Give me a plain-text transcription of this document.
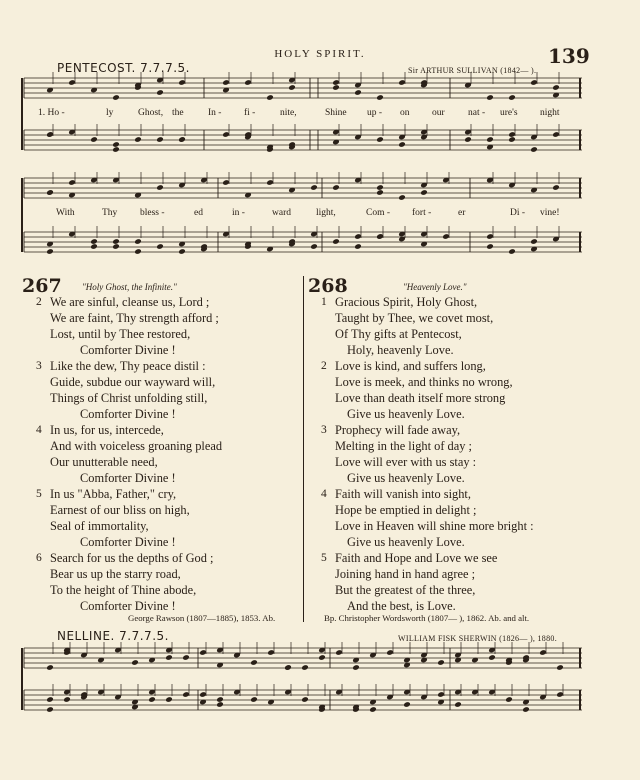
HOLY SPIRIT.	139
PENTECOST. 7.7.7.5.	Sir ARTHUR SULLIVAN (1842— ).
1. Ho -	ly	Ghost, the	In - fi -	nite,	Shine up - on our nat - ure's night
With	Thy bless -	ed	in -	ward	light,	Com - fort -	er	Di - vine!
267 "Holy Ghost, the Infinite."
2 We are sinful, cleanse us, Lord ;
We are faint, Thy strength afford ;
Lost, until by Thee restored,
Comforter Divine !
3 Like the dew, Thy peace distil :
Guide, subdue our wayward will,
Things of Christ unfolding still,
Comforter Divine !
4 In us, for us, intercede,
And with voiceless groaning plead
Our unutterable need,
Comforter Divine !
5 In us "Abba, Father," cry,
Earnest of our bliss on high,
Seal of immortality,
Comforter Divine !
6 Search for us the depths of God ;
Bear us up the starry road,
To the height of Thine abode,
Comforter Divine !
George Rawson (1807—1885), 1853. Ab.
268	"Heavenly Love."
1 Gracious Spirit, Holy Ghost,
Taught by Thee, we covet most,
Of Thy gifts at Pentecost,
Holy, heavenly Love.
2 Love is kind, and suffers long,
Love is meek, and thinks no wrong,
Love than death itself more strong
Give us heavenly Love.
3 Prophecy will fade away,
Melting in the light of day ;
Love will ever with us stay :
Give us heavenly Love.
4 Faith will vanish into sight,
Hope be emptied in delight ;
Love in Heaven will shine more bright :
Give us heavenly Love.
5 Faith and Hope and Love we see
Joining hand in hand agree ;
But the greatest of the three,
And the best, is Love.
Bp. Christopher Wordsworth (1807— ), 1862. Ab. and alt.
NELLINE. 7.7.7.5.	WILLIAM FISK SHERWIN (1826— ), 1880.
